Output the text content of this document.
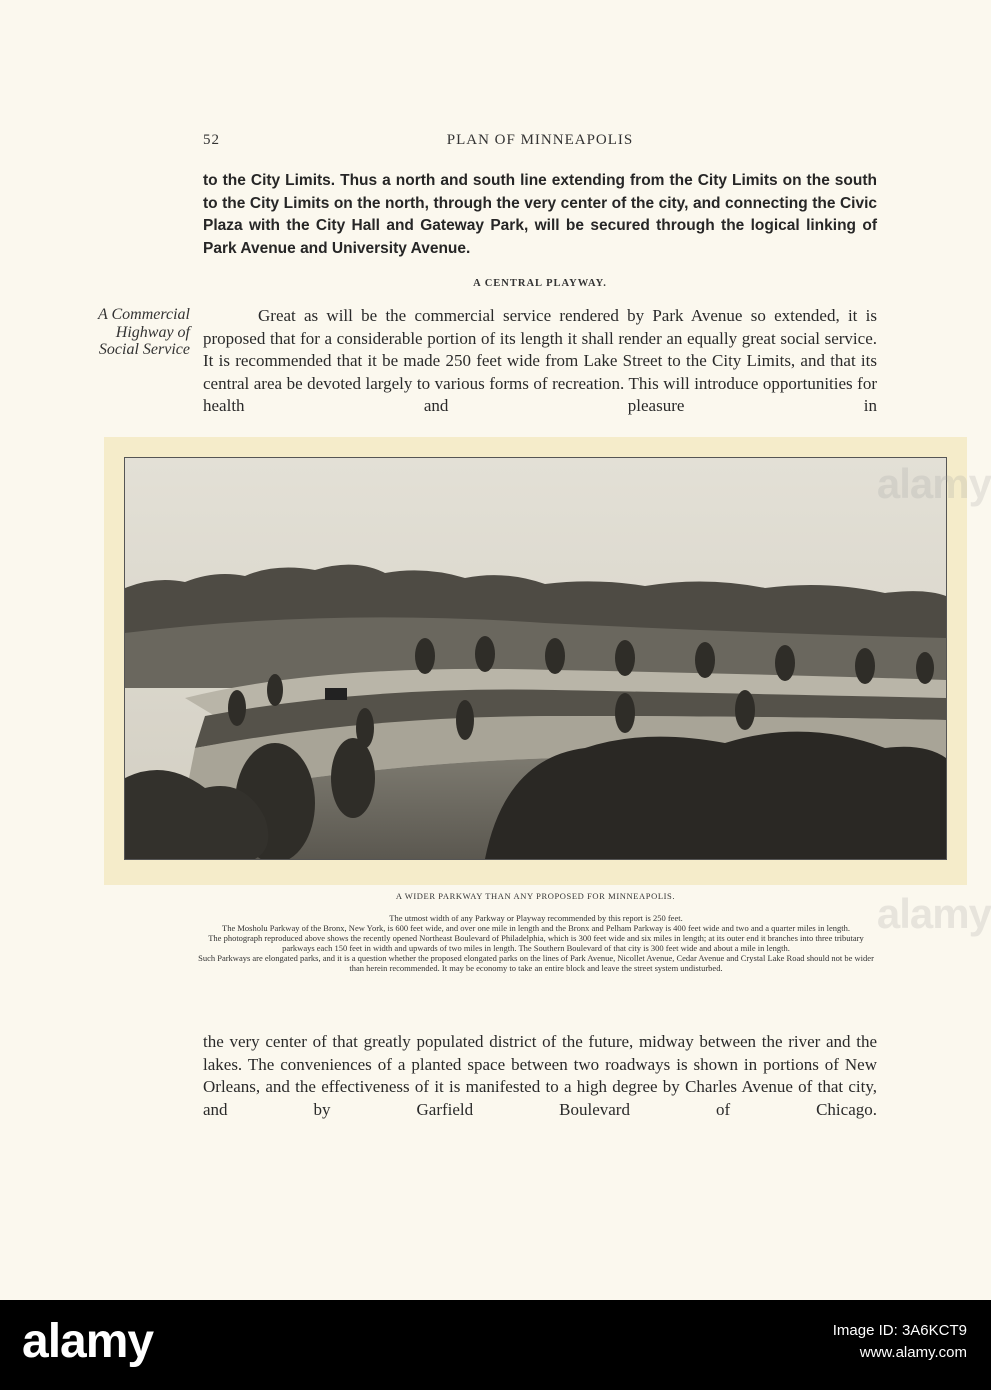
52	PLAN OF MINNEAPOLIS
to the City Limits. Thus a north and south line extending from the City Limits on the south to the City Limits on the north, through the very center of the city, and connecting the Civic Plaza with the City Hall and Gateway Park, will be secured through the logical linking of Park Avenue and University Avenue.
A CENTRAL PLAYWAY.
A Commercial
Highway of
Social Service
Great as will be the commercial service rendered by Park Avenue so extended, it is proposed that for a considerable portion of its length it shall render an equally great social service. It is recommended that it be made 250 feet wide from Lake Street to the City Limits, and that its central area be devoted largely to various forms of recreation. This will introduce opportunities for health and pleasure in
A WIDER PARKWAY THAN ANY PROPOSED FOR MINNEAPOLIS.

The utmost width of any Parkway or Playway recommended by this report is 250 feet.

The Mosholu Parkway of the Bronx, New York, is 600 feet wide, and over one mile in length and the Bronx and Pelham Parkway is 400 feet wide and two and a quarter miles in length.

The photograph reproduced above shows the recently opened Northeast Boulevard of Philadelphia, which is 300 feet wide and six miles in length; at its outer end it branches into three tributary parkways each 150 feet in width and upwards of two miles in length. The Southern Boulevard of that city is 300 feet wide and about a mile in length.

Such Parkways are elongated parks, and it is a question whether the proposed elongated parks on the lines of Park Avenue, Nicollet Avenue, Cedar Avenue and Crystal Lake Road should not be wider than herein recommended. It may be economy to take an entire block and leave the street system undisturbed.

the very center of that greatly populated district of the future, midway between the river and the lakes. The conveniences of a planted space between two roadways is shown in portions of New Orleans, and the effectiveness of it is manifested to a high degree by Charles Avenue of that city, and by Garfield Boulevard of Chicago.
alamy
alamy
alamy	Image ID: 3A6KCT9
www.alamy.com
